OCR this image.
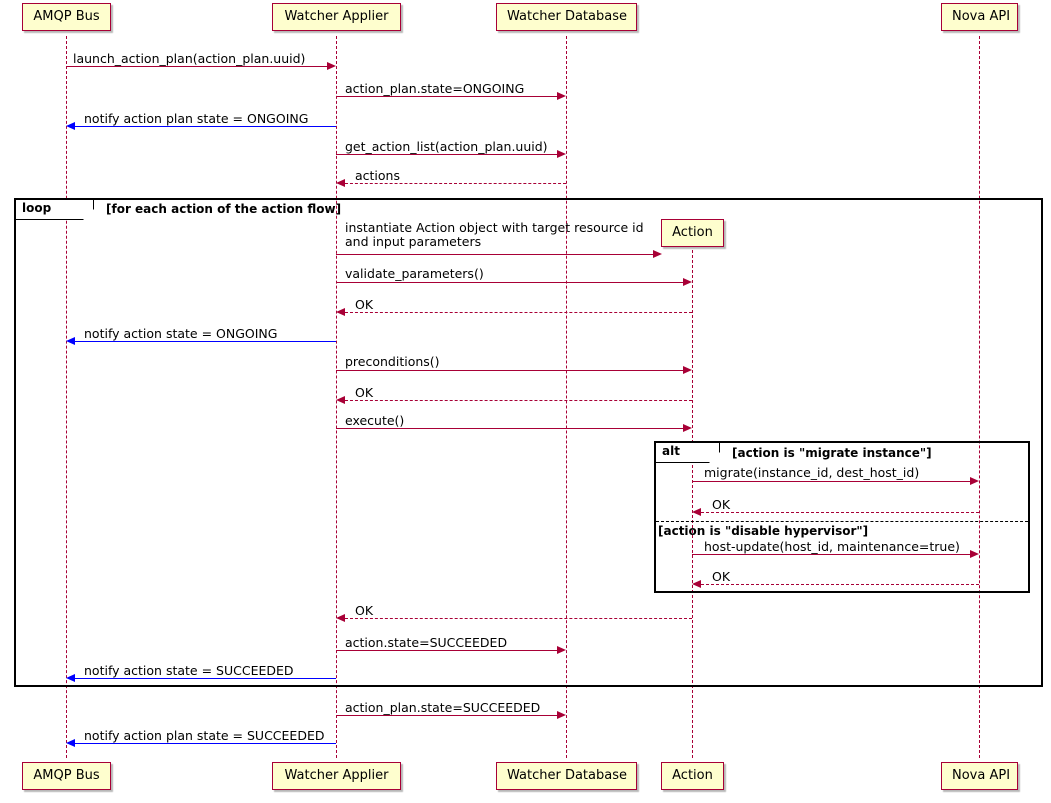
AMQP Bus	Watcher Applier	Watcher Database	Nova API
AMQP Bus	Watcher Applier	Watcher Database	Action	Nova API
Action
launch_action_plan(action_plan.uuid)
action_plan.state=ONGOING
notify action plan state = ONGOING
get_action_list(action_plan.uuid)
actions
loop	[for each action of the action flow]
instantiate Action object with target resource id and input parameters
validate_parameters()
OK
notify action state = ONGOING
preconditions()
OK
execute()
alt	[action is "migrate instance"]
migrate(instance_id, dest_host_id)
OK
[action is "disable hypervisor"]
host-update(host_id, maintenance=true)
OK
OK
action.state=SUCCEEDED
notify action state = SUCCEEDED
action_plan.state=SUCCEEDED
notify action plan state = SUCCEEDED
